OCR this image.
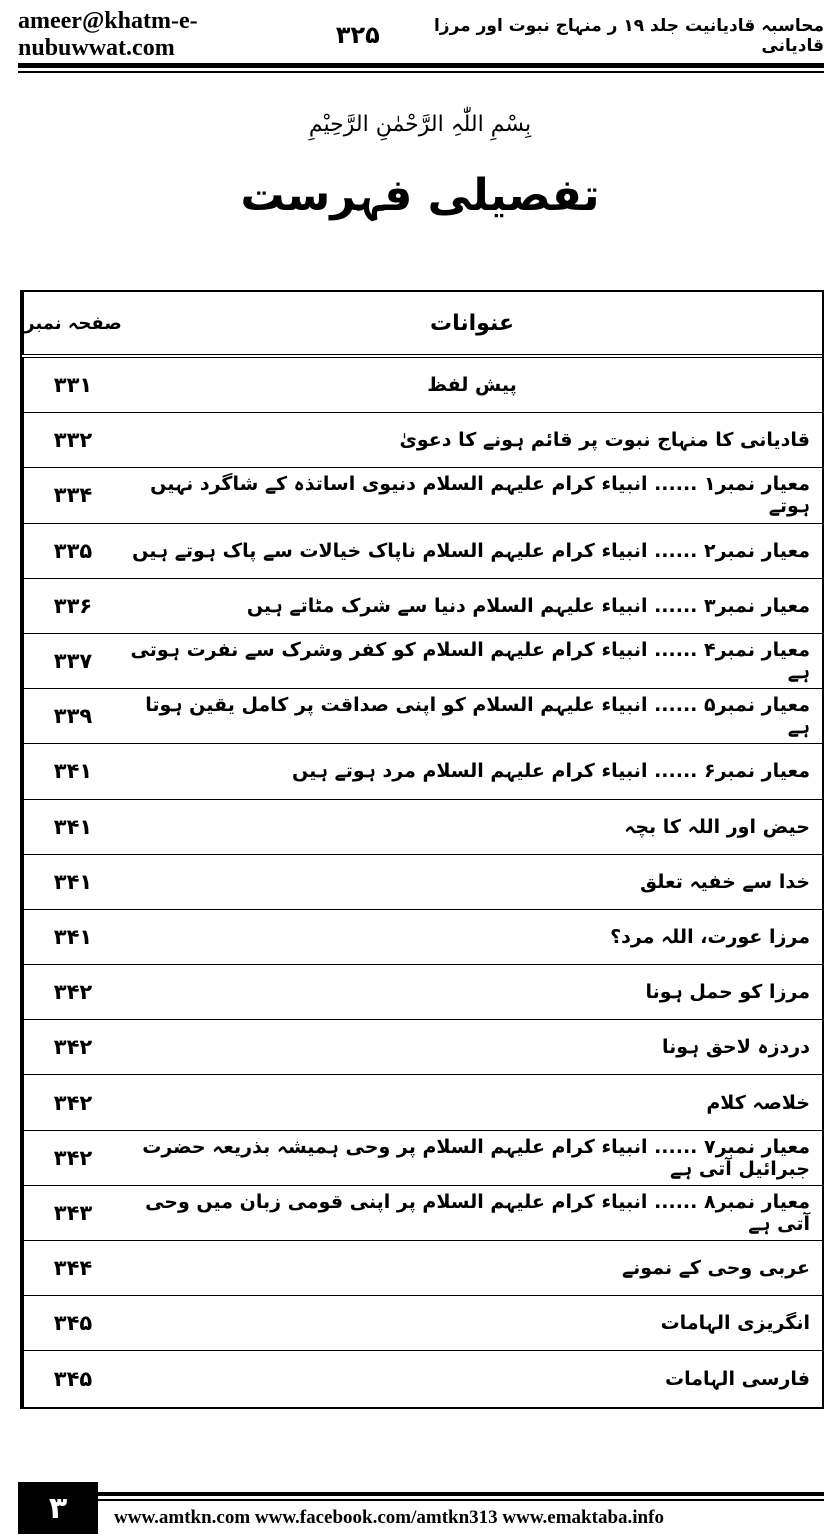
ameer@khatm-e-nubuwwat.com
محاسبہ قادیانیت جلد ۱۹ ر منہاج نبوت اور مرزا قادیانی
۳۲۵
بِسْمِ اللّٰہِ الرَّحْمٰنِ الرَّحِیْمِ
تفصیلی فہرست
عنوانات
صفحہ نمبر
پیش لفظ
۳۳۱
قادیانی کا منہاج نبوت پر قائم ہونے کا دعویٰ
۳۳۲
معیار نمبر۱ ...... انبیاء کرام علیہم السلام دنیوی اساتذہ کے شاگرد نہیں ہوتے
۳۳۴
معیار نمبر۲ ...... انبیاء کرام علیہم السلام ناپاک خیالات سے پاک ہوتے ہیں
۳۳۵
معیار نمبر۳ ...... انبیاء علیہم السلام دنیا سے شرک مٹاتے ہیں
۳۳۶
معیار نمبر۴ ...... انبیاء کرام علیہم السلام کو کفر وشرک سے نفرت ہوتی ہے
۳۳۷
معیار نمبر۵ ...... انبیاء علیہم السلام کو اپنی صداقت پر کامل یقین ہوتا ہے
۳۳۹
معیار نمبر۶ ...... انبیاء کرام علیہم السلام مرد ہوتے ہیں
۳۴۱
حیض اور اللہ کا بچہ
۳۴۱
خدا سے خفیہ تعلق
۳۴۱
مرزا عورت، اللہ مرد؟
۳۴۱
مرزا کو حمل ہونا
۳۴۲
دردزہ لاحق ہونا
۳۴۲
خلاصہ کلام
۳۴۲
معیار نمبر۷ ...... انبیاء کرام علیہم السلام پر وحی ہمیشہ بذریعہ حضرت جبرائیل آتی ہے
۳۴۲
معیار نمبر۸ ...... انبیاء کرام علیہم السلام پر اپنی قومی زبان میں وحی آتی ہے
۳۴۳
عربی وحی کے نمونے
۳۴۴
انگریزی الہامات
۳۴۵
فارسی الہامات
۳۴۵
۳	www.amtkn.com www.facebook.com/amtkn313 www.emaktaba.info
